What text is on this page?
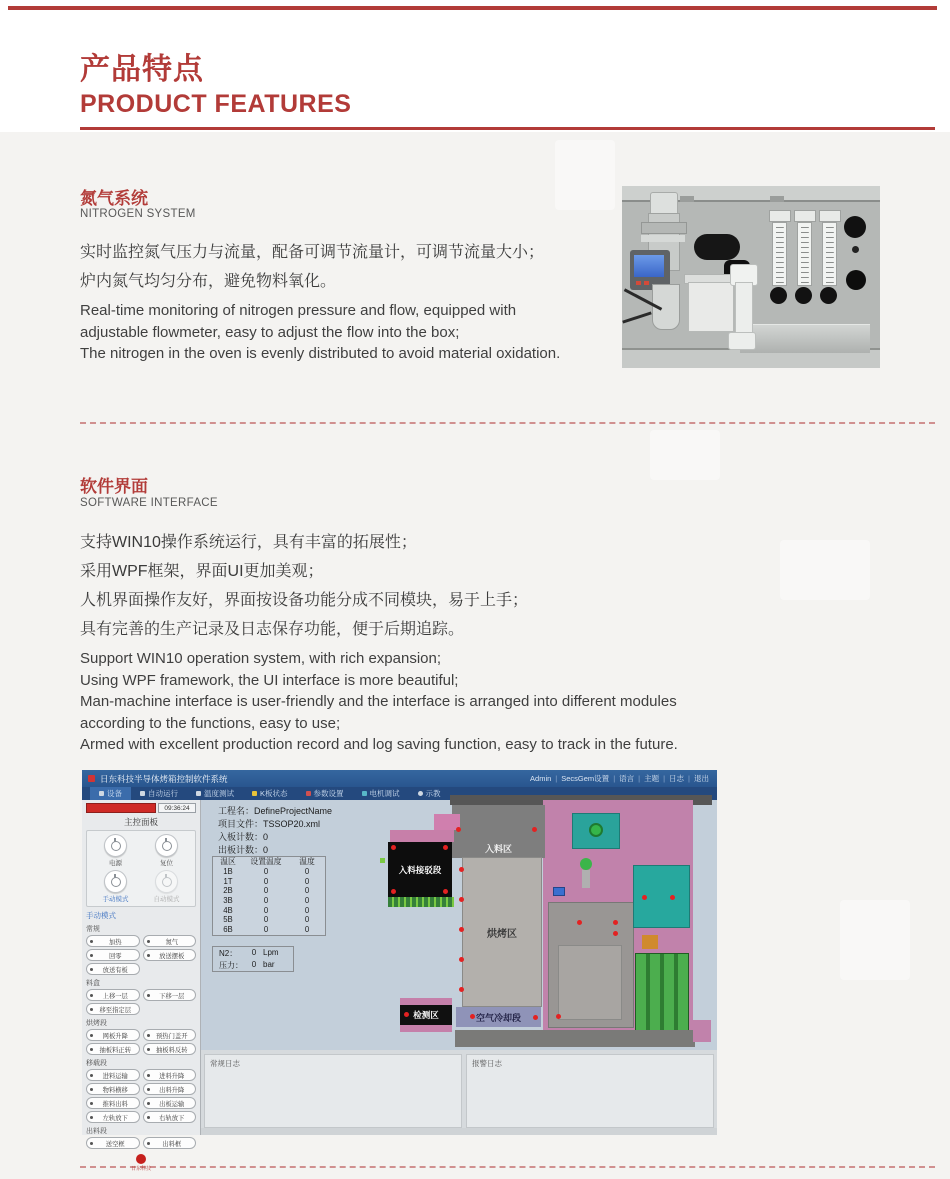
产品特点
PRODUCT FEATURES
氮气系统
NITROGEN SYSTEM
实时监控氮气压力与流量，配备可调节流量计，可调节流量大小；
炉内氮气均匀分布，避免物料氧化。
Real-time monitoring of nitrogen pressure and flow, equipped with
adjustable flowmeter, easy to adjust the flow into the box;
The nitrogen in the oven is evenly distributed to avoid material oxidation.
软件界面
SOFTWARE INTERFACE
支持WIN10操作系统运行，具有丰富的拓展性；
采用WPF框架，界面UI更加美观；
人机界面操作友好，界面按设备功能分成不同模块，易于上手；
具有完善的生产记录及日志保存功能，便于后期追踪。
Support WIN10 operation system, with rich expansion;
Using WPF framework, the UI interface is more beautiful;
Man-machine interface is user-friendly and the interface is arranged into different modules
according to the functions, easy to use;
Armed with excellent production record and log saving function, easy to track in the future.
日东科技半导体烤箱控制软件系统	Admin |	SecsGem设置 |	语言 |	主题 |	日志 |	退出
设备	自动运行	温度测试	K板状态	参数设置	电机调试	示教
09:36:24
主控面板
电源	复位
手动模式	自动模式
手动模式
常规
加热	氮气
回零	放送摆板
放送有板
料盒
上移一层	下移一层
移至指定层
烘烤段
网板升降	预热门盖开
抽板料正转	抽板料反转
移载段
进料运输	进料升降
物料横移	出料升降
推料出料	出板运输
左轨放下	右轨放下
出料段
送空框	出料框
日东科技
工程名：DefineProjectName
项目文件：TSSOP20.xml
入板计数：0
出板计数：0
温区	设置温度	温度
1B	0	0
1T	0	0
2B	0	0
3B	0	0
4B	0	0
5B	0	0
6B	0	0
N2：	0 Lpm
压力：	0 bar
入料区
烘烤区
空气冷却段
检测区
入料接驳段
常规日志	报警日志
